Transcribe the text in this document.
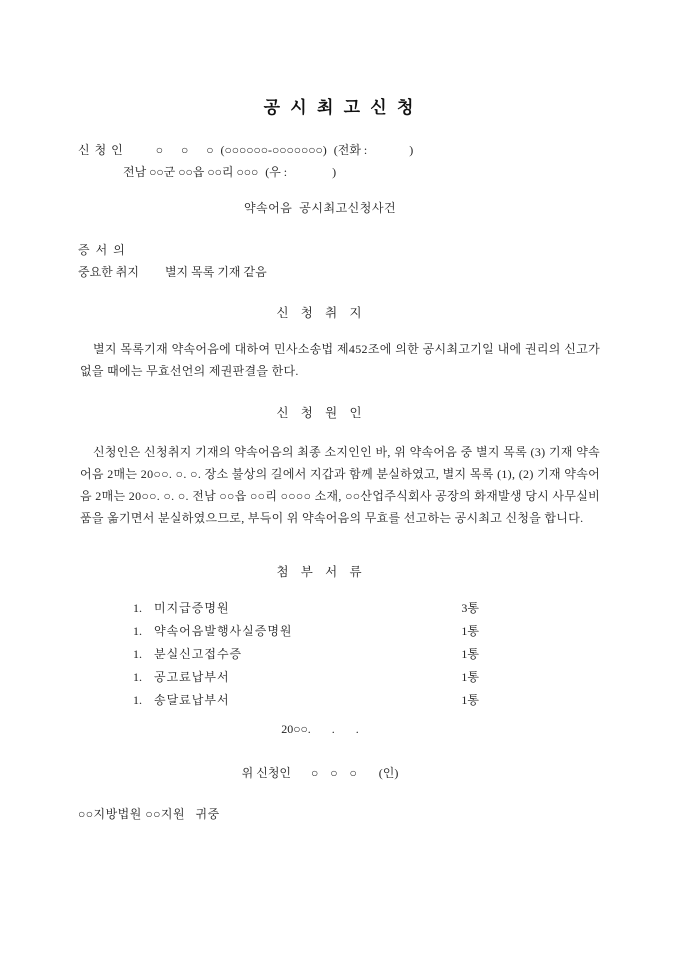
공 시 최 고 신 청
신 청 인	○      ○      ○ (○○○○○○-○○○○○○○) (전화 :              )
전남 ○○군 ○○읍 ○○리 ○○○ (우 :               )
약속어음  공시최고신청사건
증  서  의
중요한 취지 별지 목록 기재 같음
신  청  취  지
별지 목록기재 약속어음에 대하여 민사소송법 제452조에 의한 공시최고기일 내에 권리의 신고가 없을 때에는 무효선언의 제권판결을 한다.
신  청  원  인
신청인은 신청취지 기재의 약속어음의 최종 소지인인 바, 위 약속어음 중 별지 목록 (3) 기재 약속어음 2매는 20○○. ○. ○. 장소 불상의 길에서 지갑과 함께 분실하였고, 별지 목록 (1), (2) 기재 약속어음 2매는 20○○. ○. ○. 전남 ○○읍 ○○리 ○○○○ 소재, ○○산업주식회사 공장의 화재발생 당시 사무실비품을 옮기면서 분실하였으므로, 부득이 위 약속어음의 무효를 선고하는 공시최고 신청을 합니다.
첨  부  서  류
1.	미지급증명원	3통
1.	약속어음발행사실증명원	1통
1.	분실신고접수증	1통
1.	공고료납부서	1통
1.	송달료납부서	1통
20○○.       .       .
위 신청인 ○    ○    ○ (인)
○○지방법원 ○○지원   귀중
